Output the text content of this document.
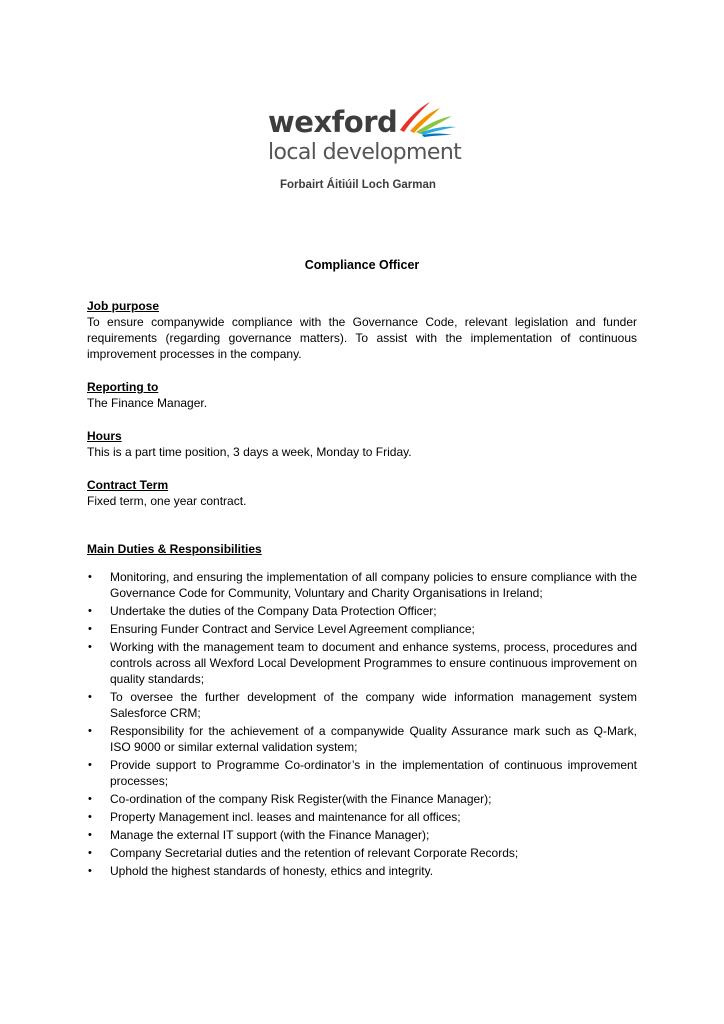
wexford
local development
Forbairt Áitiúil Loch Garman
Compliance Officer

Job purpose

To ensure companywide compliance with the Governance Code, relevant legislation and funder requirements (regarding governance matters). To assist with the implementation of continuous improvement processes in the company.

Reporting to

The Finance Manager.

Hours

This is a part time position, 3 days a week, Monday to Friday.

Contract Term

Fixed term, one year contract.

Main Duties & Responsibilities

• Monitoring, and ensuring the implementation of all company policies to ensure compliance with the Governance Code for Community, Voluntary and Charity Organisations in Ireland;
• Undertake the duties of the Company Data Protection Officer;
• Ensuring Funder Contract and Service Level Agreement compliance;
• Working with the management team to document and enhance systems, process, procedures and controls across all Wexford Local Development Programmes to ensure continuous improvement on quality standards;
• To oversee the further development of the company wide information management system Salesforce CRM;
• Responsibility for the achievement of a companywide Quality Assurance mark such as Q-Mark, ISO 9000 or similar external validation system;
• Provide support to Programme Co-ordinator’s in the implementation of continuous improvement processes;
• Co-ordination of the company Risk Register(with the Finance Manager);
• Property Management incl. leases and maintenance for all offices;
• Manage the external IT support (with the Finance Manager);
• Company Secretarial duties and the retention of relevant Corporate Records;
• Uphold the highest standards of honesty, ethics and integrity.
